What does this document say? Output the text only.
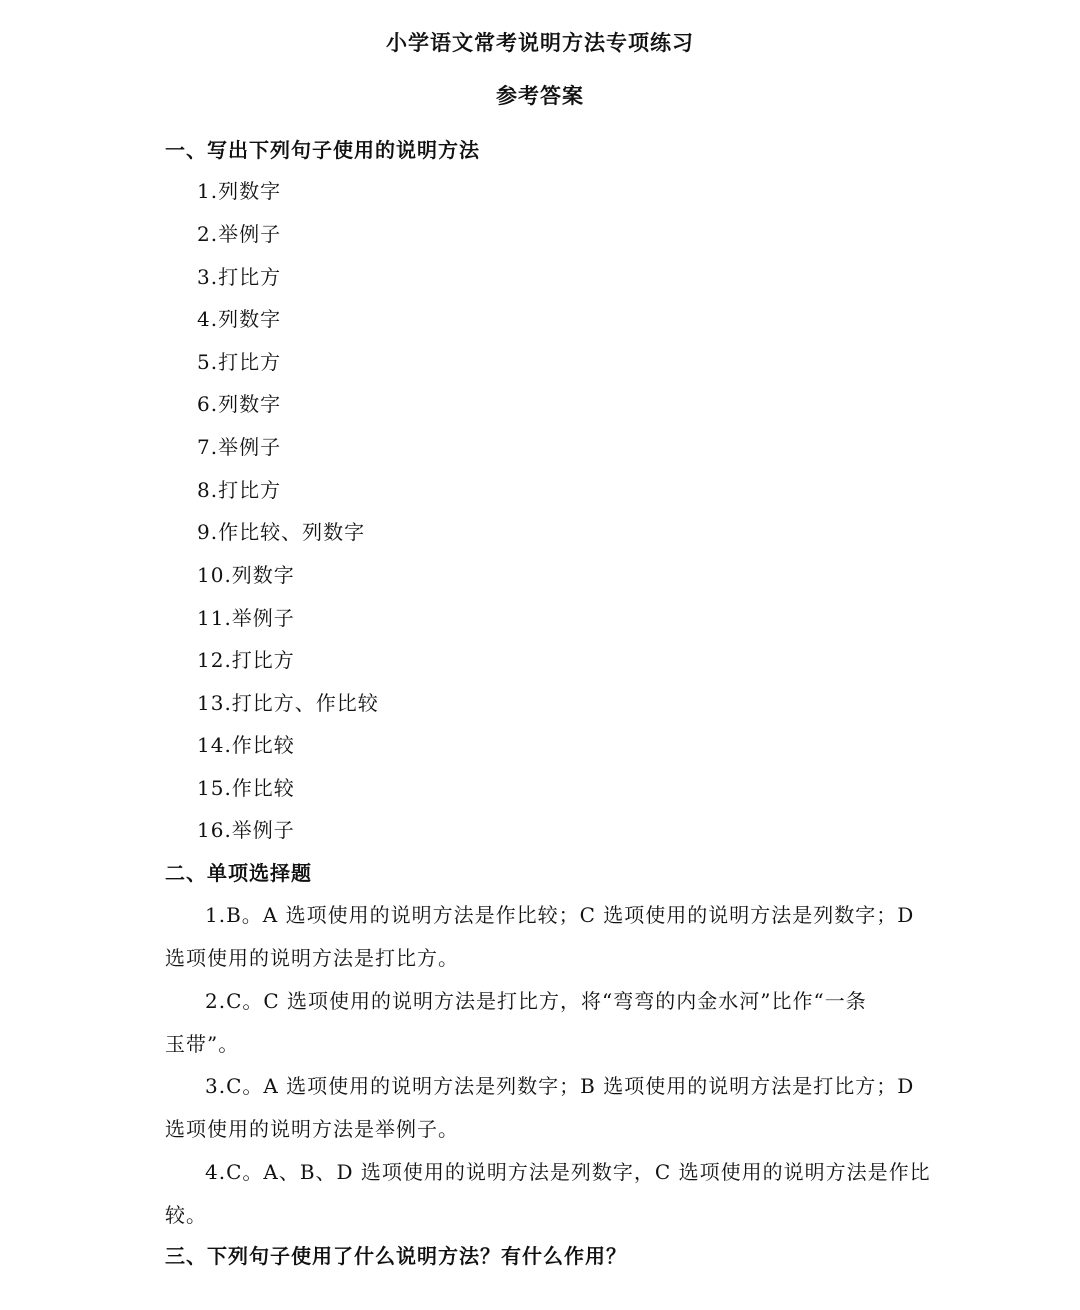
小学语文常考说明方法专项练习
参考答案
一、写出下列句子使用的说明方法
1.列数字
2.举例子
3.打比方
4.列数字
5.打比方
6.列数字
7.举例子
8.打比方
9.作比较、列数字
10.列数字
11.举例子
12.打比方
13.打比方、作比较
14.作比较
15.作比较
16.举例子
二、单项选择题
1.B。A 选项使用的说明方法是作比较；C 选项使用的说明方法是列数字；D
选项使用的说明方法是打比方。
2.C。C 选项使用的说明方法是打比方，将“弯弯的内金水河”比作“一条
玉带”。
3.C。A 选项使用的说明方法是列数字；B 选项使用的说明方法是打比方；D
选项使用的说明方法是举例子。
4.C。A、B、D 选项使用的说明方法是列数字，C 选项使用的说明方法是作比
较。
三、下列句子使用了什么说明方法？有什么作用？
